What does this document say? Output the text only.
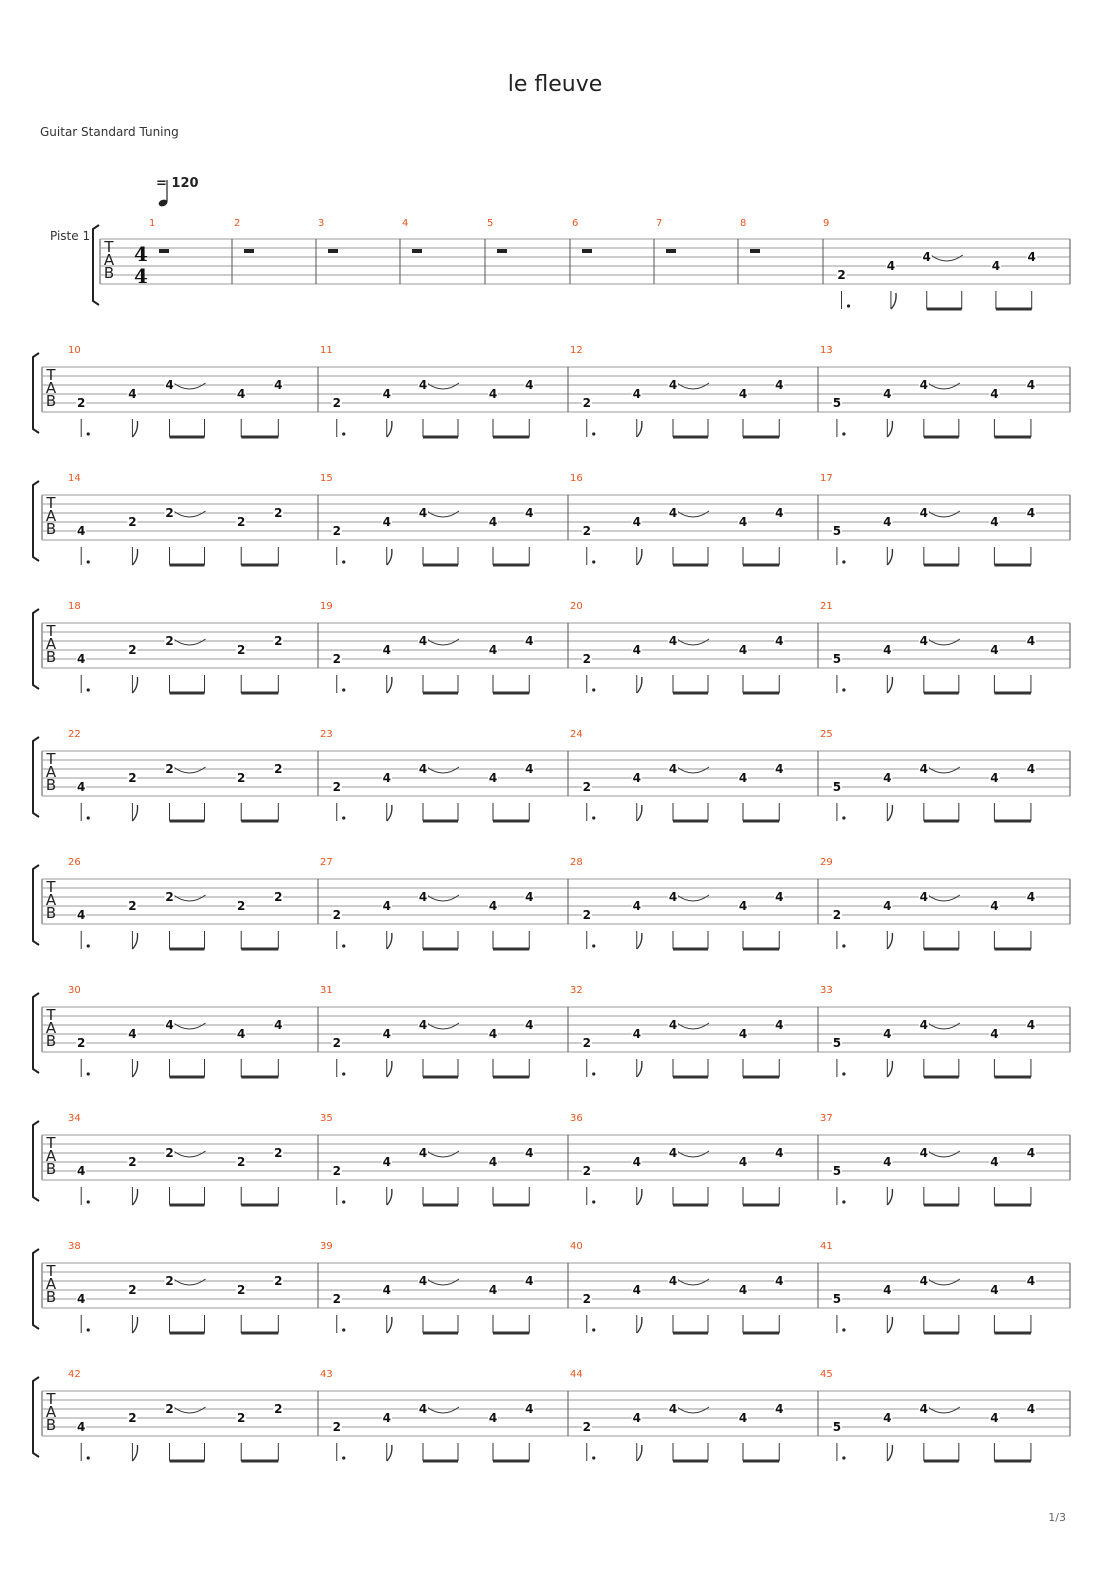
le fleuve
Guitar Standard Tuning
= 120
Piste 1
T
A
B
4
4
1	2	3	4	5	6	7	8	9
2
4
4
4
4
T
A
B
10
2
4
4
4
4
11
2
4
4
4
4
12
2
4
4
4
4
13
5
4
4
4
4
T
A
B
14
4
2
2
2
2
15
2
4
4
4
4
16
2
4
4
4
4
17
5
4
4
4
4
T
A
B
18
4
2
2
2
2
19
2
4
4
4
4
20
2
4
4
4
4
21
5
4
4
4
4
T
A
B
22
4
2
2
2
2
23
2
4
4
4
4
24
2
4
4
4
4
25
5
4
4
4
4
T
A
B
26
4
2
2
2
2
27
2
4
4
4
4
28
2
4
4
4
4
29
2
4
4
4
4
T
A
B
30
2
4
4
4
4
31
2
4
4
4
4
32
2
4
4
4
4
33
5
4
4
4
4
T
A
B
34
4
2
2
2
2
35
2
4
4
4
4
36
2
4
4
4
4
37
5
4
4
4
4
T
A
B
38
4
2
2
2
2
39
2
4
4
4
4
40
2
4
4
4
4
41
5
4
4
4
4
T
A
B
42
4
2
2
2
2
43
2
4
4
4
4
44
2
4
4
4
4
45
5
4
4
4
4
1/3
